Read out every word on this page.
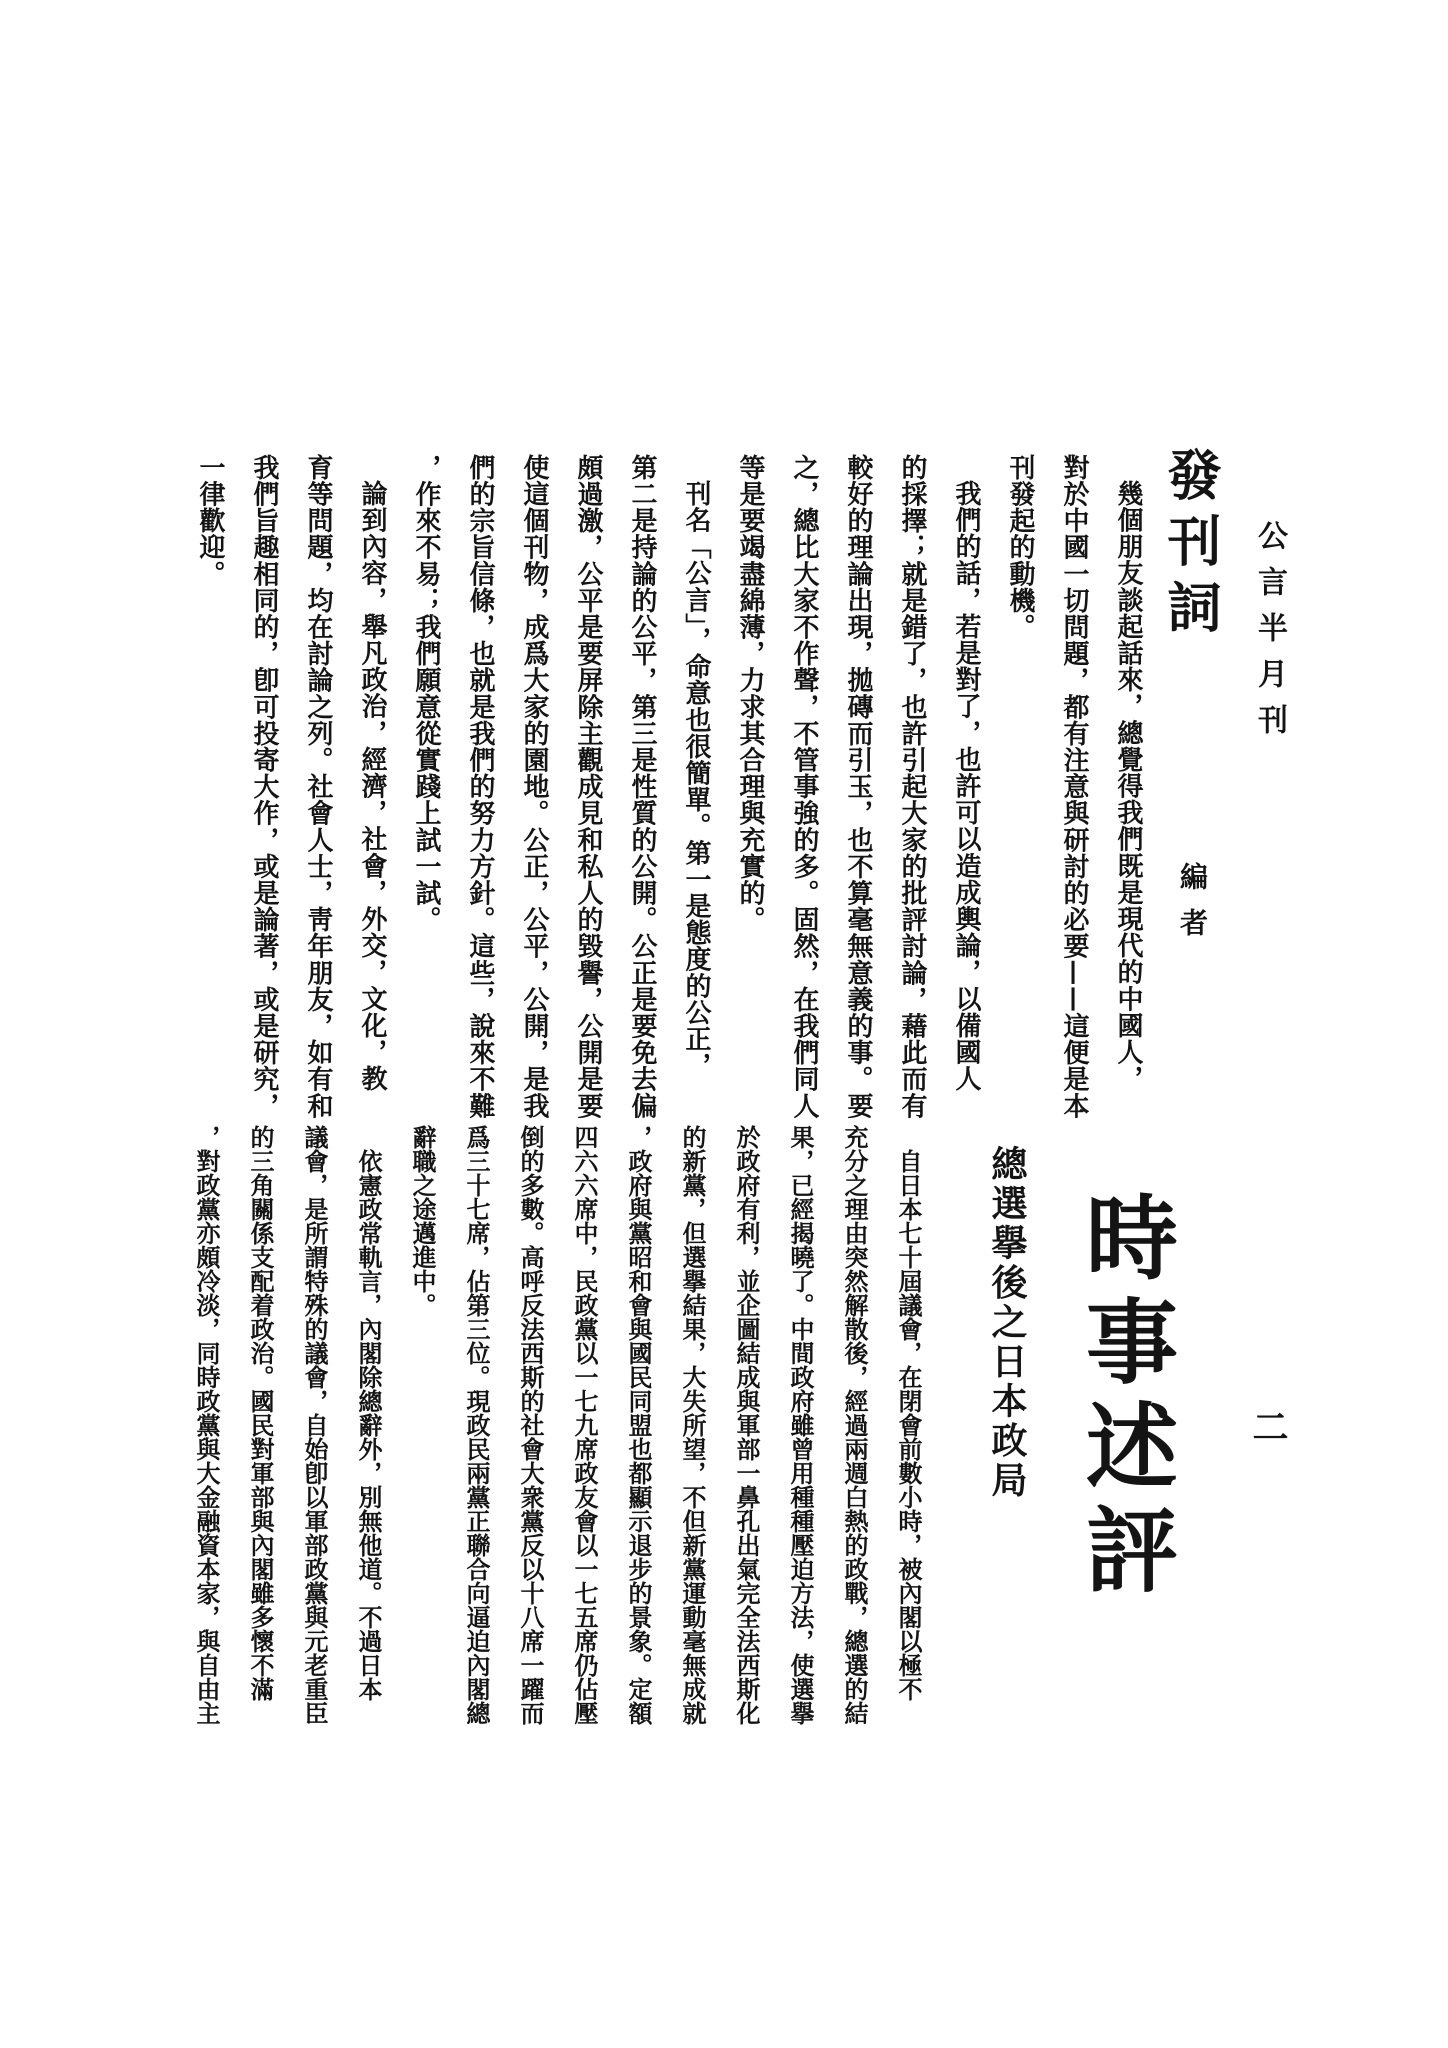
公言半月刊
發刊詞
編者
幾個朋友談起話來，總覺得我們既是現代的中國人，
對於中國一切問題，都有注意與研討的必要——這便是本
刊發起的動機。
我們的話，若是對了，也許可以造成輿論，以備國人
的採擇；就是錯了，也許引起大家的批評討論，藉此而有
較好的理論出現，拋磚而引玉，也不算毫無意義的事。要
之，總比大家不作聲，不管事強的多。固然，在我們同人
等是要竭盡綿薄，力求其合理與充實的。
刊名「公言」，命意也很簡單。第一是態度的公正，
第二是持論的公平，第三是性質的公開。公正是要免去偏
頗過激，公平是要屏除主觀成見和私人的毀譽，公開是要
使這個刊物，成爲大家的園地。公正，公平，公開，是我
們的宗旨信條，也就是我們的努力方針。這些，說來不難
，作來不易；我們願意從實踐上試一試。
論到內容，舉凡政治，經濟，社會，外交，文化，教
育等問題，均在討論之列。社會人士，靑年朋友，如有和
我們旨趣相同的，卽可投寄大作，或是論著，或是研究，
一律歡迎。
二
時事述評
總選擧後之日本政局
自日本七十屆議會，在閉會前數小時，被內閣以極不
充分之理由突然解散後，經過兩週白熱的政戰，總選的結
果，已經揭曉了。中間政府雖曾用種種壓迫方法，使選擧
於政府有利，並企圖結成與軍部一鼻孔出氣完全法西斯化
的新黨，但選擧結果，大失所望，不但新黨運動毫無成就
，政府與黨昭和會與國民同盟也都顯示退步的景象。定額
四六六席中，民政黨以一七九席政友會以一七五席仍佔壓
倒的多數。高呼反法西斯的社會大衆黨反以十八席一躍而
爲三十七席，佔第三位。現政民兩黨正聯合向逼迫內閣總
辭職之途邁進中。
依憲政常軌言，內閣除總辭外，別無他道。不過日本
議會，是所謂特殊的議會，自始卽以軍部政黨與元老重臣
的三角關係支配着政治。國民對軍部與內閣雖多懷不滿
，對政黨亦頗冷淡，同時政黨與大金融資本家，與自由主
